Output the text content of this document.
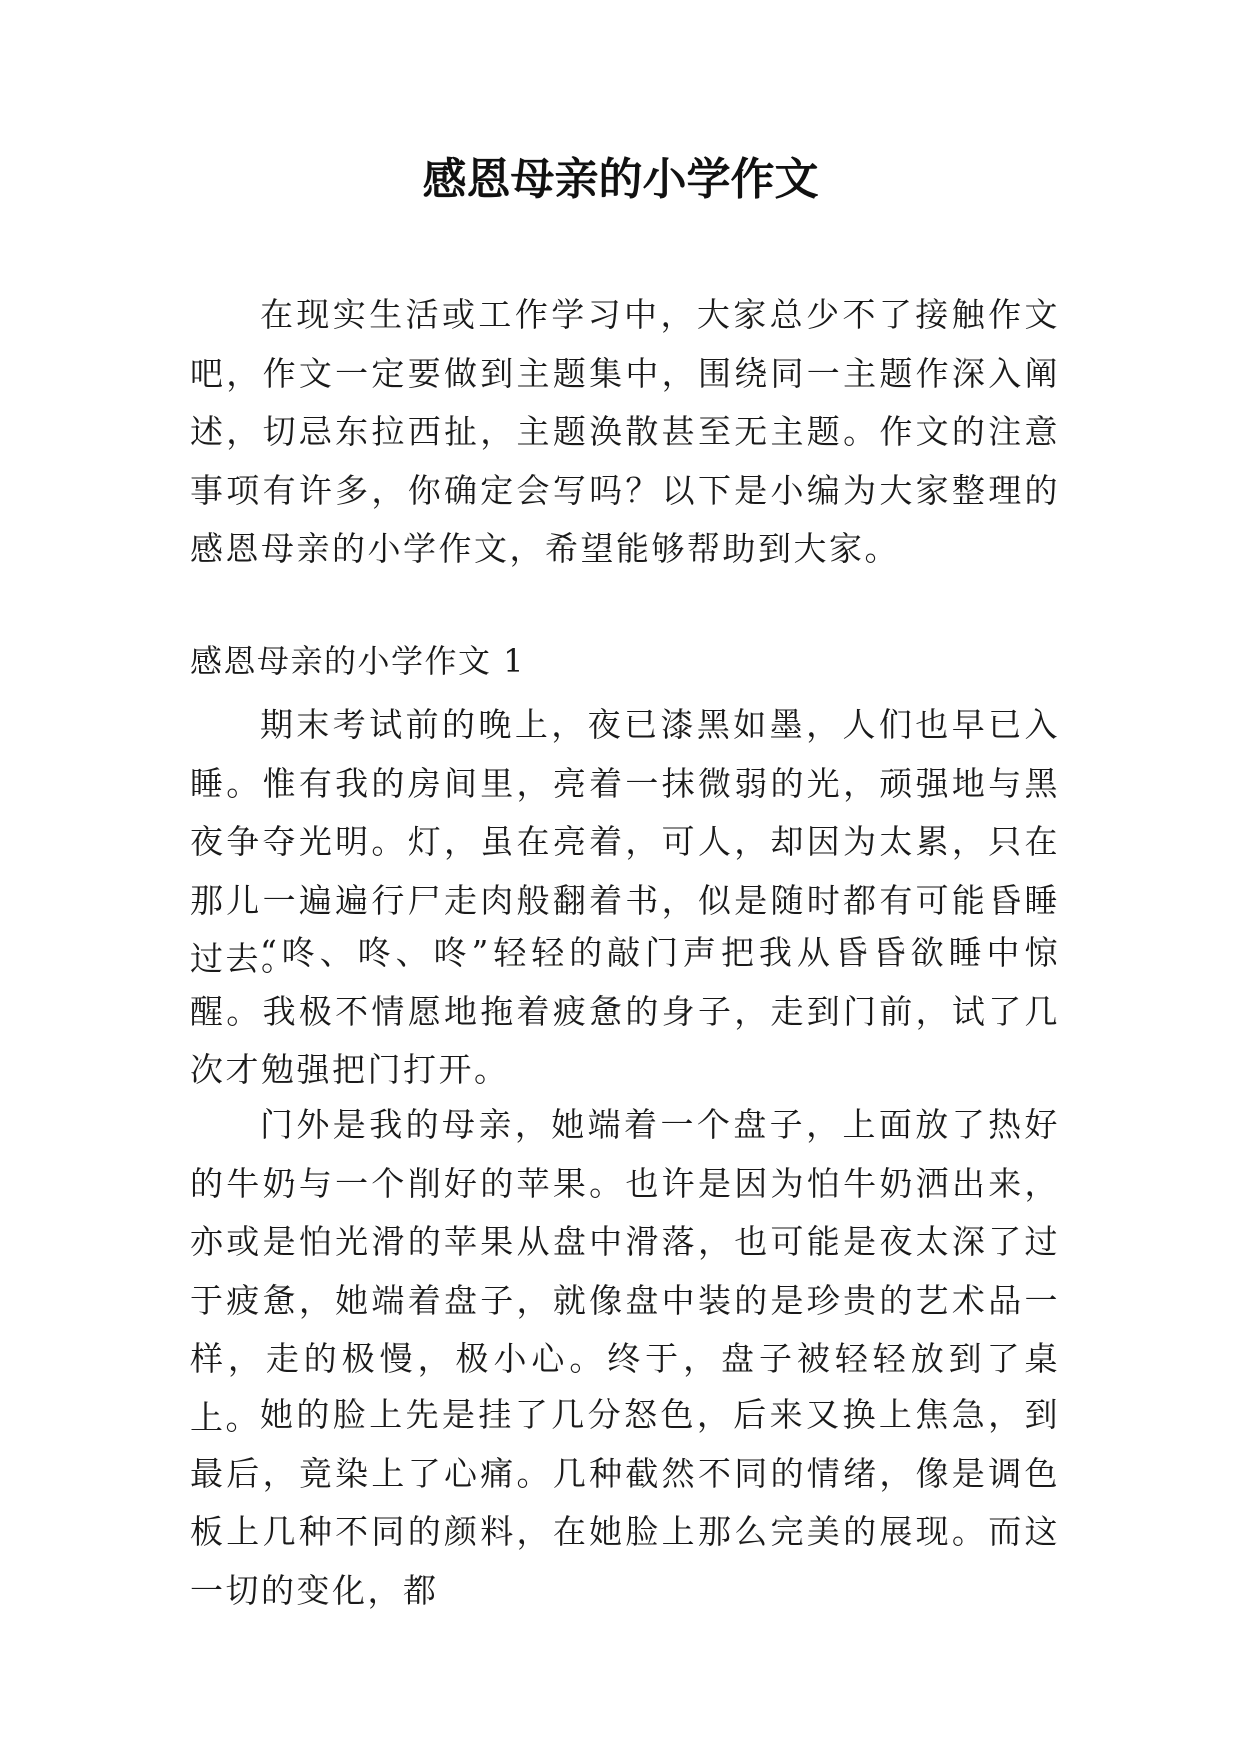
感恩母亲的小学作文

在现实生活或工作学习中，大家总少不了接触作文吧，作文一定要做到主题集中，围绕同一主题作深入阐述，切忌东拉西扯，主题涣散甚至无主题。作文的注意事项有许多，你确定会写吗？以下是小编为大家整理的感恩母亲的小学作文，希望能够帮助到大家。

感恩母亲的小学作文 1

期末考试前的晚上，夜已漆黑如墨，人们也早已入睡。惟有我的房间里，亮着一抹微弱的光，顽强地与黑夜争夺光明。灯，虽在亮着，可人，却因为太累，只在那儿一遍遍行尸走肉般翻着书，似是随时都有可能昏睡过去。

“咚、咚、咚”轻轻的敲门声把我从昏昏欲睡中惊醒。我极不情愿地拖着疲惫的身子，走到门前，试了几次才勉强把门打开。

门外是我的母亲，她端着一个盘子，上面放了热好的牛奶与一个削好的苹果。也许是因为怕牛奶洒出来，亦或是怕光滑的苹果从盘中滑落，也可能是夜太深了过于疲惫，她端着盘子，就像盘中装的是珍贵的艺术品一样，走的极慢，极小心。终于，盘子被轻轻放到了桌上。 她的脸上先是挂了几分怒色，后来又换上焦急，到最后，竟染上了心痛。几种截然不同的情绪，像是调色板上几种不同的颜料，在她脸上那么完美的展现。而这一切的变化，都
